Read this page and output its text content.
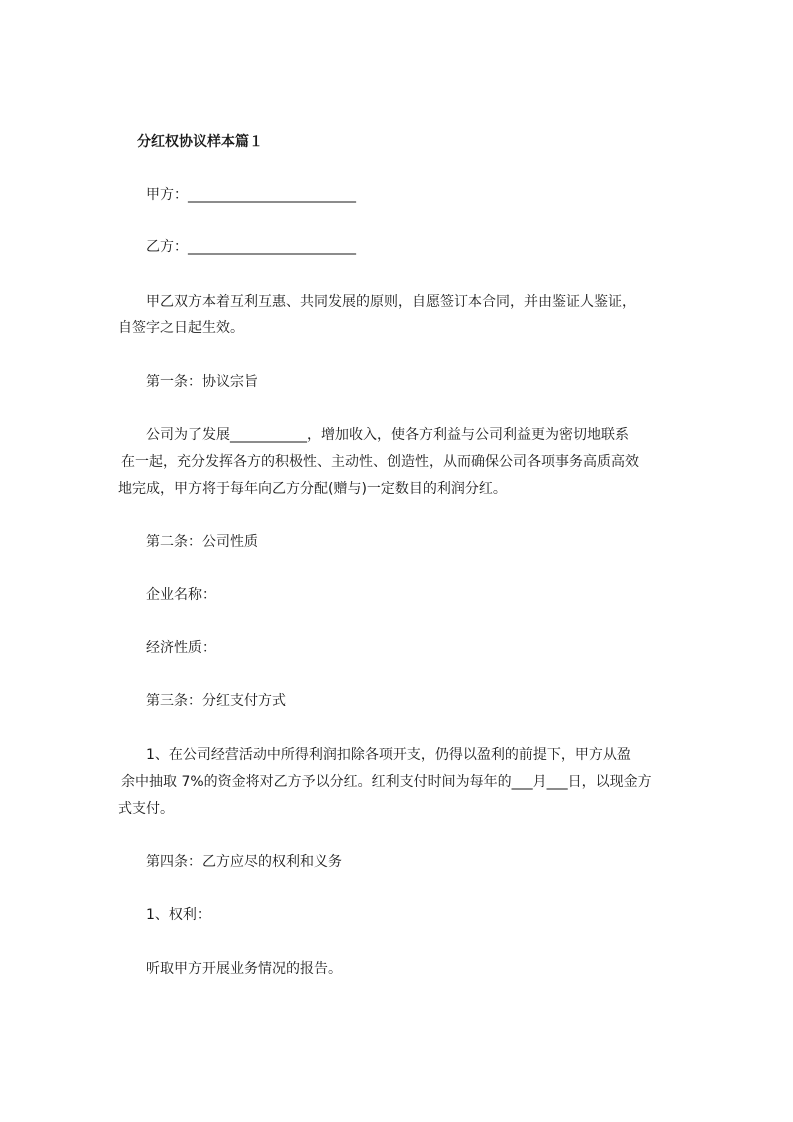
分红权协议样本篇１
甲方：________________________
乙方：________________________
甲乙双方本着互利互惠、共同发展的原则，自愿签订本合同，并由鉴证人鉴证，
自签字之日起生效。
第一条：协议宗旨
公司为了发展___________，增加收入，使各方利益与公司利益更为密切地联系
在一起，充分发挥各方的积极性、主动性、创造性，从而确保公司各项事务高质高效
地完成，甲方将于每年向乙方分配(赠与)一定数目的利润分红。
第二条：公司性质
企业名称：
经济性质：
第三条：分红支付方式
1、在公司经营活动中所得利润扣除各项开支，仍得以盈利的前提下，甲方从盈
余中抽取 7%的资金将对乙方予以分红。红利支付时间为每年的___月___日，以现金方
式支付。
第四条：乙方应尽的权利和义务
1、权利：
听取甲方开展业务情况的报告。
